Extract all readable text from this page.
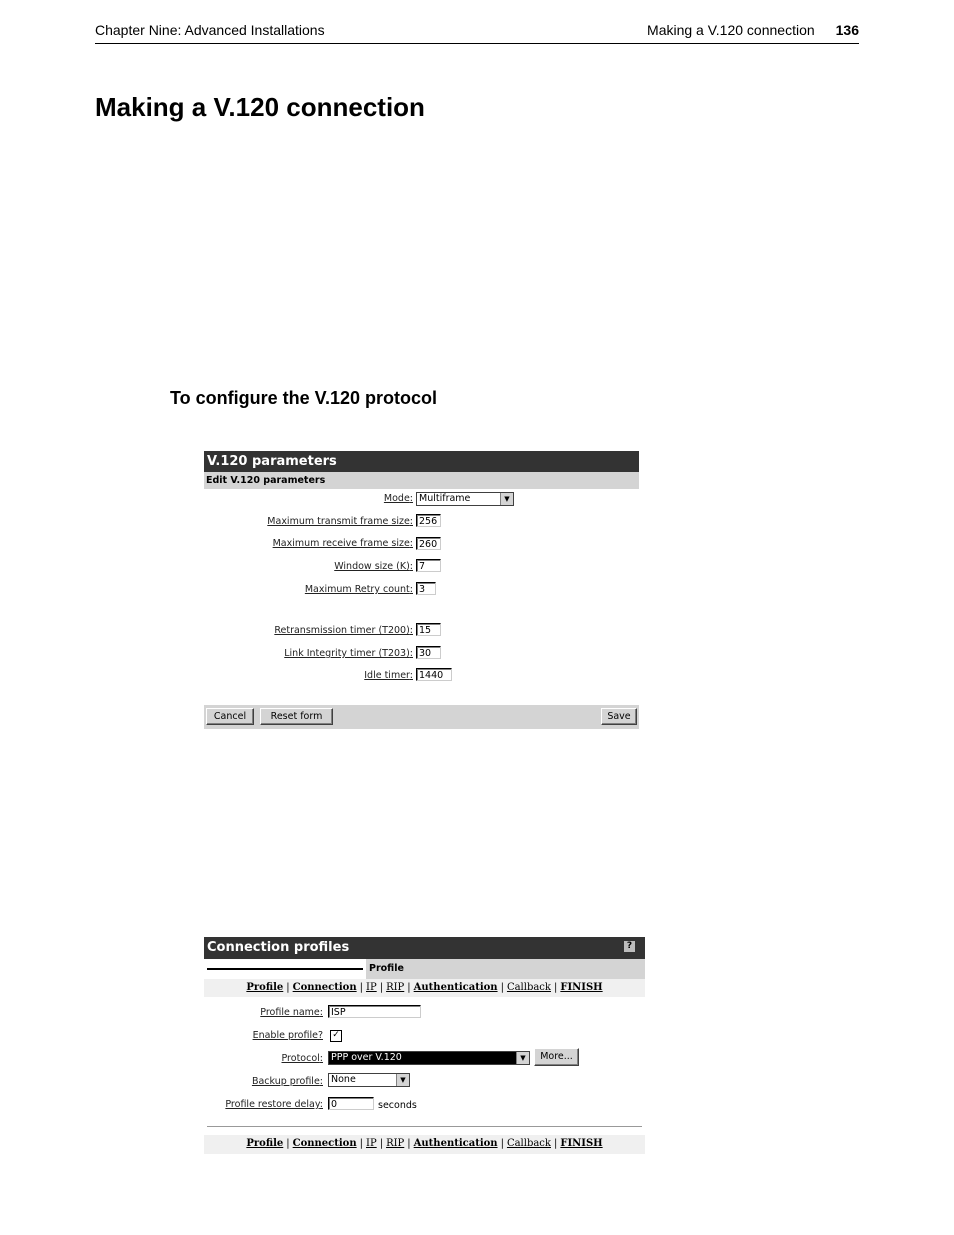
Chapter Nine: Advanced Installations	Making a V.120 connection 136
Making a V.120 connection
To configure the V.120 protocol
V.120 parameters
Edit V.120 parameters
Mode: Multiframe	▼
Maximum transmit frame size: 256
Maximum receive frame size: 260
Window size (K): 7
Maximum Retry count: 3
Retransmission timer (T200): 15
Link Integrity timer (T203): 30
Idle timer: 1440
Cancel	Reset form	Save
Connection profiles	?
Profile
Profile | Connection | IP | RIP | Authentication | Callback | FINISH
Profile name: ISP
Enable profile? ✓
Protocol: PPP over V.120	▼	More...
Backup profile: None	▼
Profile restore delay: 0	seconds
Profile | Connection | IP | RIP | Authentication | Callback | FINISH
